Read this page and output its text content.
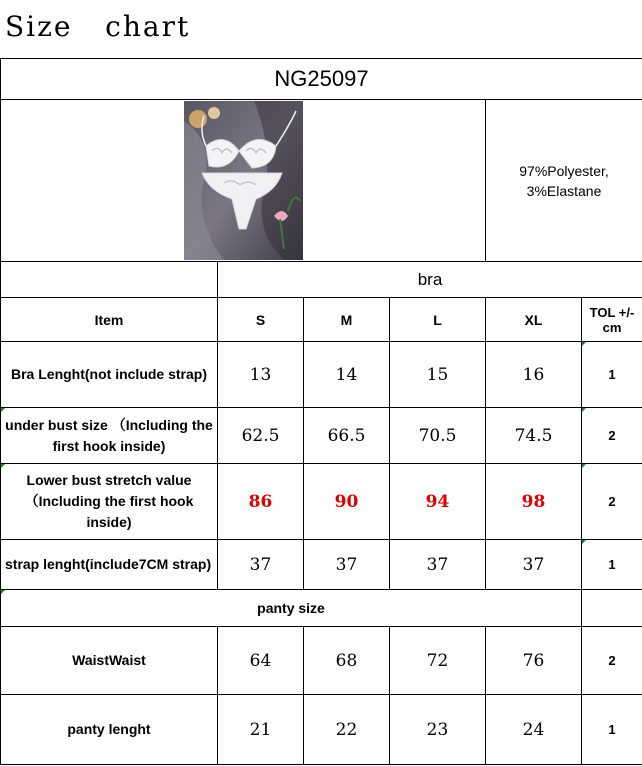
Size   chart
NG25097					

97%Polyester,
3%Elastane	

	bra				
Item	S	M	L	XL	TOL +/-cm
Bra Lenght(not include strap)	13	14	15	16	1
under bust size （Including the first hook inside)	62.5	66.5	70.5	74.5	2
Lower bust stretch value （Including the first hook inside)	86	90	94	98	2
strap lenght(include7CM strap)	37	37	37	37	1
panty size					
WaistWaist	64	68	72	76	2
panty lenght	21	22	23	24	1
